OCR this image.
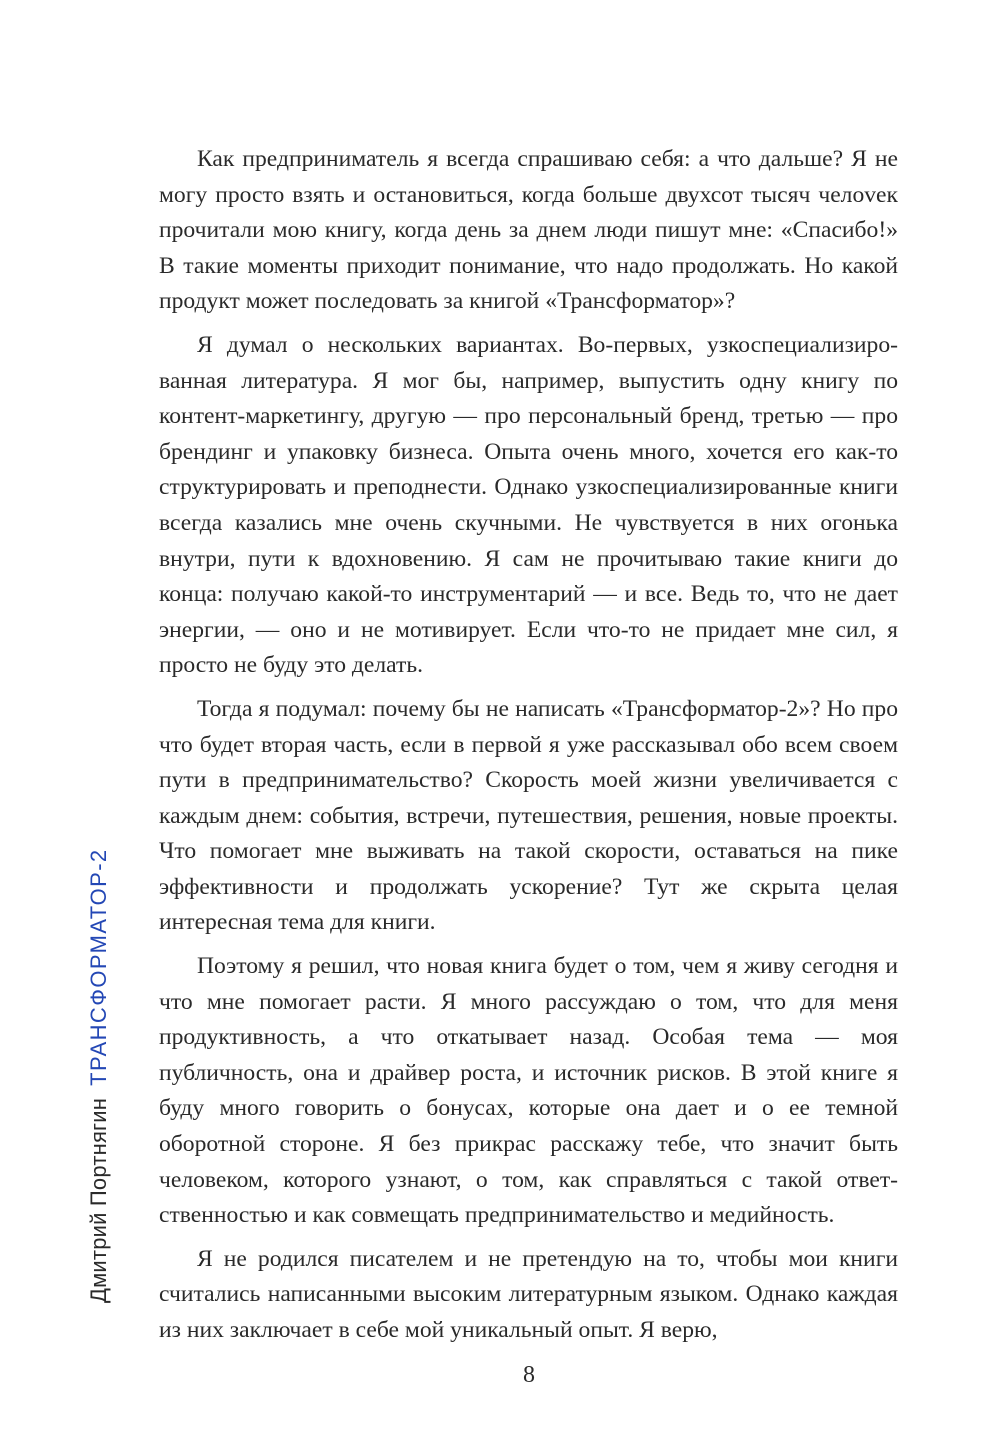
Дмитрий ПортнягинТРАНСФОРМАТОР-2

Как предприниматель я всегда спрашиваю себя: а что дальше? Я не могу просто взять и остановиться, когда больше двухсот тысяч челоvек прочитали мою книгу, когда день за днем люди пишут мне: «Спасибо!» В такие моменты приходит понимание, что надо продолжать. Но какой продукт может последовать за книгой «Трансформатор»?

Я думал о нескольких вариантах. Во-первых, узкоспециализированная литература. Я мог бы, например, выпустить одну книгу по контент-маркетингу, другую — про персональный бренд, третью — про брендинг и упаковку бизнеса. Опыта очень много, хочется его как-то структурировать и преподнести. Однако узкоспециализированные книги всегда казались мне очень скучными. Не чувствуется в них огонька внутри, пути к вдохновению. Я сам не прочитываю такие книги до конца: получаю какой-то инструментарий — и все. Ведь то, что не дает энергии, — оно и не мотивирует. Если что-то не придает мне сил, я просто не буду это делать.

Тогда я подумал: почему бы не написать «Трансформатор-2»? Но про что будет вторая часть, если в первой я уже рассказывал обо всем своем пути в предпринимательство? Скорость моей жизни увеличивается с каждым днем: события, встречи, путешествия, решения, новые проекты. Что помогает мне выживать на такой скорости, оставаться на пике эффективности и продолжать ускорение? Тут же скрыта целая интересная тема для книги.

Поэтому я решил, что новая книга будет о том, чем я живу сегодня и что мне помогает расти. Я много рассуждаю о том, что для меня продуктивность, а что откатывает назад. Особая тема — моя публичность, она и драйвер роста, и источник рисков. В этой книге я буду много говорить о бонусах, которые она дает и о ее темной оборотной стороне. Я без прикрас расскажу тебе, что значит быть человеком, которого узнают, о том, как справляться с такой ответственностью и как совмещать предпринимательство и медийность.

Я не родился писателем и не претендую на то, чтобы мои книги считались написанными высоким литературным языком. Однако каждая из них заключает в себе мой уникальный опыт. Я верю,

8
